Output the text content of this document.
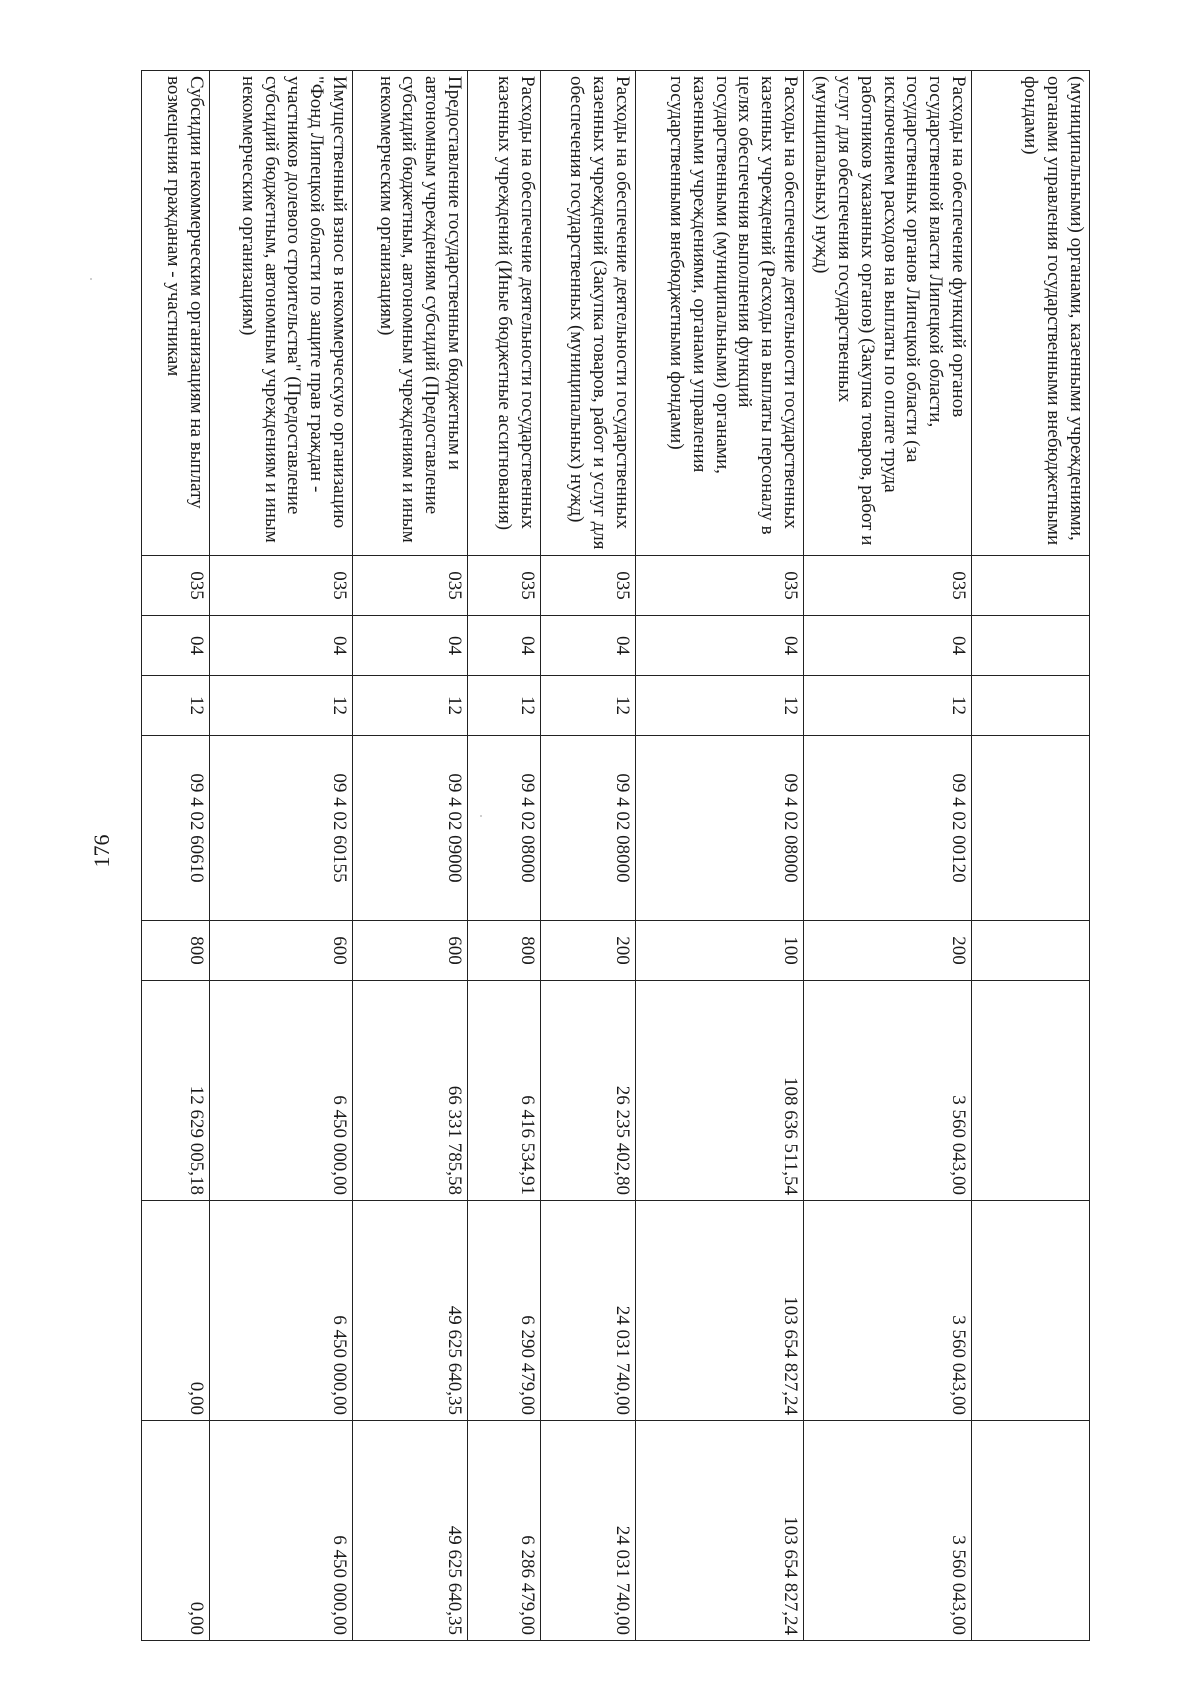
176
(муниципальными) органами, казенными учреждениями, органами управления государственными внебюджетными фондами)								
Расходы на обеспечение функций органов государственной власти Липецкой области, государственных органов Липецкой области (за исключением расходов на выплаты по оплате труда работников указанных органов) (Закупка товаров, работ и услуг для обеспечения государственных (муниципальных) нужд)	035	04	12	09 4 02 00120	200	3 560 043,00	3 560 043,00	3 560 043,00
Расходы на обеспечение деятельности государственных казенных учреждений (Расходы на выплаты персоналу в целях обеспечения выполнения функций государственными (муниципальными) органами, казенными учреждениями, органами управления государственными внебюджетными фондами)	035	04	12	09 4 02 08000	100	108 636 511,54	103 654 827,24	103 654 827,24
Расходы на обеспечение деятельности государственных казенных учреждений (Закупка товаров, работ и услуг для обеспечения государственных (муниципальных) нужд)	035	04	12	09 4 02 08000	200	26 235 402,80	24 031 740,00	24 031 740,00
Расходы на обеспечение деятельности государственных казенных учреждений (Иные бюджетные ассигнования)	035	04	12	09 4 02 08000	800	6 416 534,91	6 290 479,00	6 286 479,00
Предоставление государственным бюджетным и автономным учреждениям субсидий (Предоставление субсидий бюджетным, автономным учреждениям и иным некоммерческим организациям)	035	04	12	09 4 02 09000	600	66 331 785,58	49 625 640,35	49 625 640,35
Имущественный взнос в некоммерческую организацию "Фонд Липецкой области по защите прав граждан - участников долевого строительства" (Предоставление субсидий бюджетным, автономным учреждениям и иным некоммерческим организациям)	035	04	12	09 4 02 60155	600	6 450 000,00	6 450 000,00	6 450 000,00
Субсидии некоммерческим организациям на выплату возмещения гражданам - участникам	035	04	12	09 4 02 60610	800	12 629 005,18	0,00	0,00
